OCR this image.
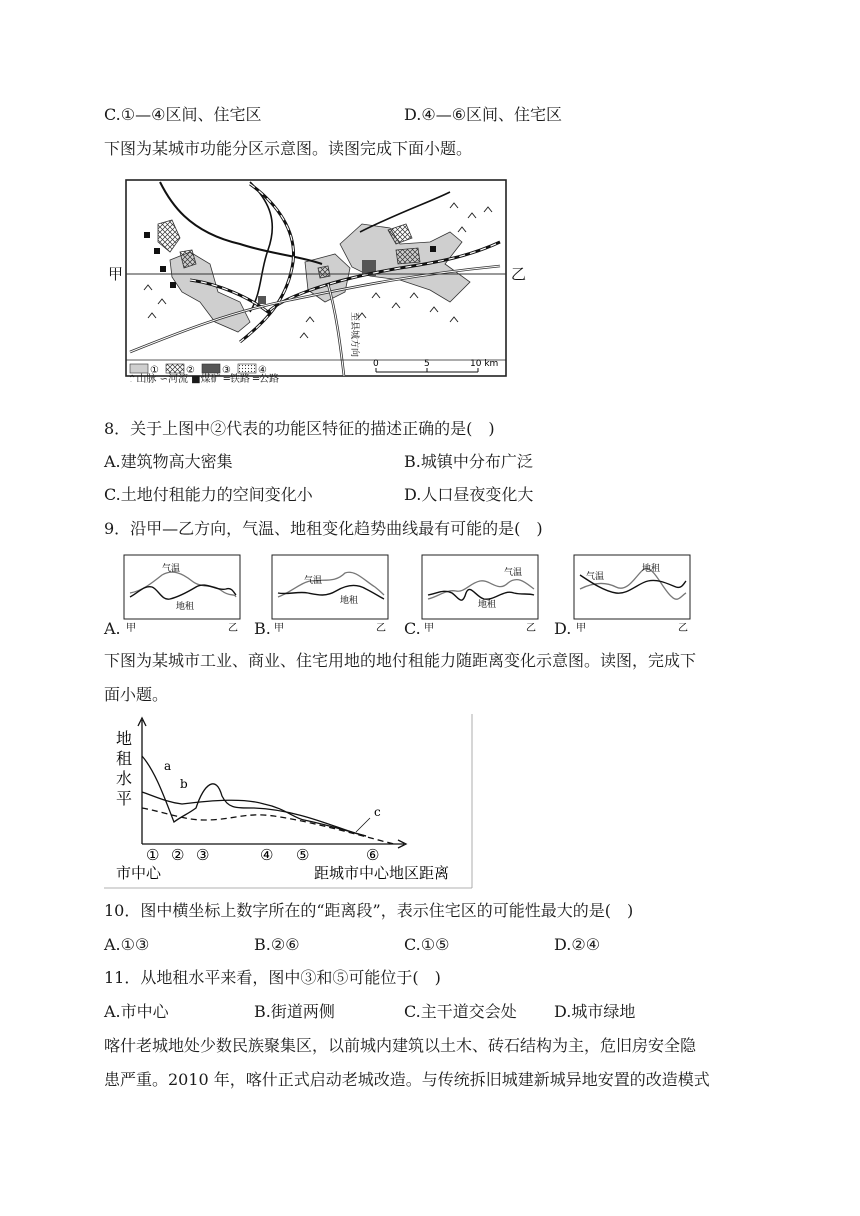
C.①—④区间、住宅区	D.④—⑥区间、住宅区
下图为某城市功能分区示意图。读图完成下面小题。
甲	乙
至县城方向
①	②	③	④
0	5	10 km
⌃山脉 ∽河流 ■煤矿 ═铁路 ═公路
8．关于上图中②代表的功能区特征的描述正确的是(　)
A.建筑物高大密集	B.城镇中分布广泛
C.土地付租能力的空间变化小	D.人口昼夜变化大
9．沿甲—乙方向，气温、地租变化趋势曲线最有可能的是(　)
A.
气温
地租
甲	乙 B.
气温
地租
甲	乙 C.
气温
地租
甲	乙 D.
气温
地租
甲	乙
下图为某城市工业、商业、住宅用地的地付租能力随距离变化示意图。读图，完成下
面小题。
地
租
水
平
a
b
c
① ② ③	④ ⑤	⑥
市中心	距城市中心地区距离
10．图中横坐标上数字所在的“距离段”，表示住宅区的可能性最大的是(　)
A.①③	B.②⑥	C.①⑤	D.②④
11．从地租水平来看，图中③和⑤可能位于(　)
A.市中心	B.街道两侧	C.主干道交会处 D.城市绿地
喀什老城地处少数民族聚集区，以前城内建筑以土木、砖石结构为主，危旧房安全隐
患严重。2010 年，喀什正式启动老城改造。与传统拆旧城建新城异地安置的改造模式
